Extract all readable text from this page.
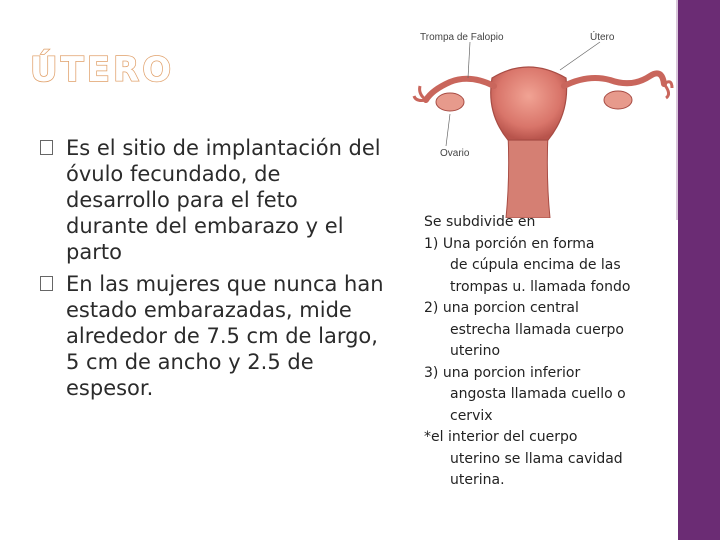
ÚTERO
Es el sitio de implantación del óvulo fecundado, de desarrollo para el feto durante del embarazo y el parto
En las mujeres que nunca han estado embarazadas, mide alrededor de 7.5 cm de largo, 5 cm de ancho y 2.5 de espesor.
Trompa de Falopio	Útero
Ovario
Se subdivide en
1) Una porción en forma
de cúpula encima de las trompas u. llamada fondo
2) una porcion central
estrecha llamada cuerpo uterino
3) una porcion inferior
angosta llamada cuello o cervix
*el interior del cuerpo
uterino se llama cavidad uterina.
